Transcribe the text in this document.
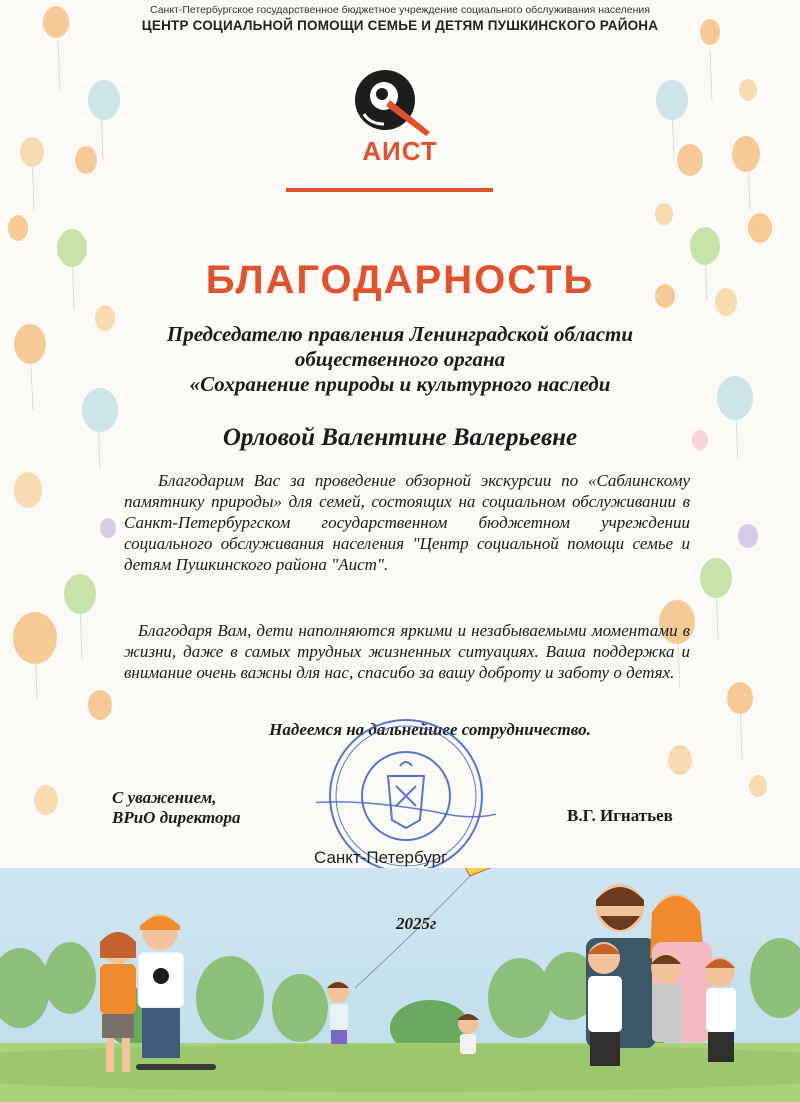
Санкт-Петербургское государственное бюджетное учреждение социального обслуживания населения
ЦЕНТР СОЦИАЛЬНОЙ ПОМОЩИ СЕМЬЕ И ДЕТЯМ ПУШКИНСКОГО РАЙОНА
АИСТ
БЛАГОДАРНОСТЬ
Председателю правления Ленинградской области
общественного органа
«Сохранение природы и культурного наследи
Орловой Валентине Валерьевне
Благодарим Вас за проведение обзорной экскурсии по «Саблинскому памятнику природы» для семей, состоящих на социальном обслуживании в Санкт-Петербургском государственном бюджетном учреждении социального обслуживания населения "Центр социальной помощи семье и детям Пушкинского района "Аист".
Благодаря Вам, дети наполняются яркими и незабываемыми моментами в жизни, даже в самых трудных жизненных ситуациях. Ваша поддержка и внимание очень важны для нас, спасибо за вашу доброту и заботу о детях.
Надеемся на дальнейшее сотрудничество.
С уважением,
ВРиО директора	В.Г. Игнатьев
Санкт-Петербург
2025г
